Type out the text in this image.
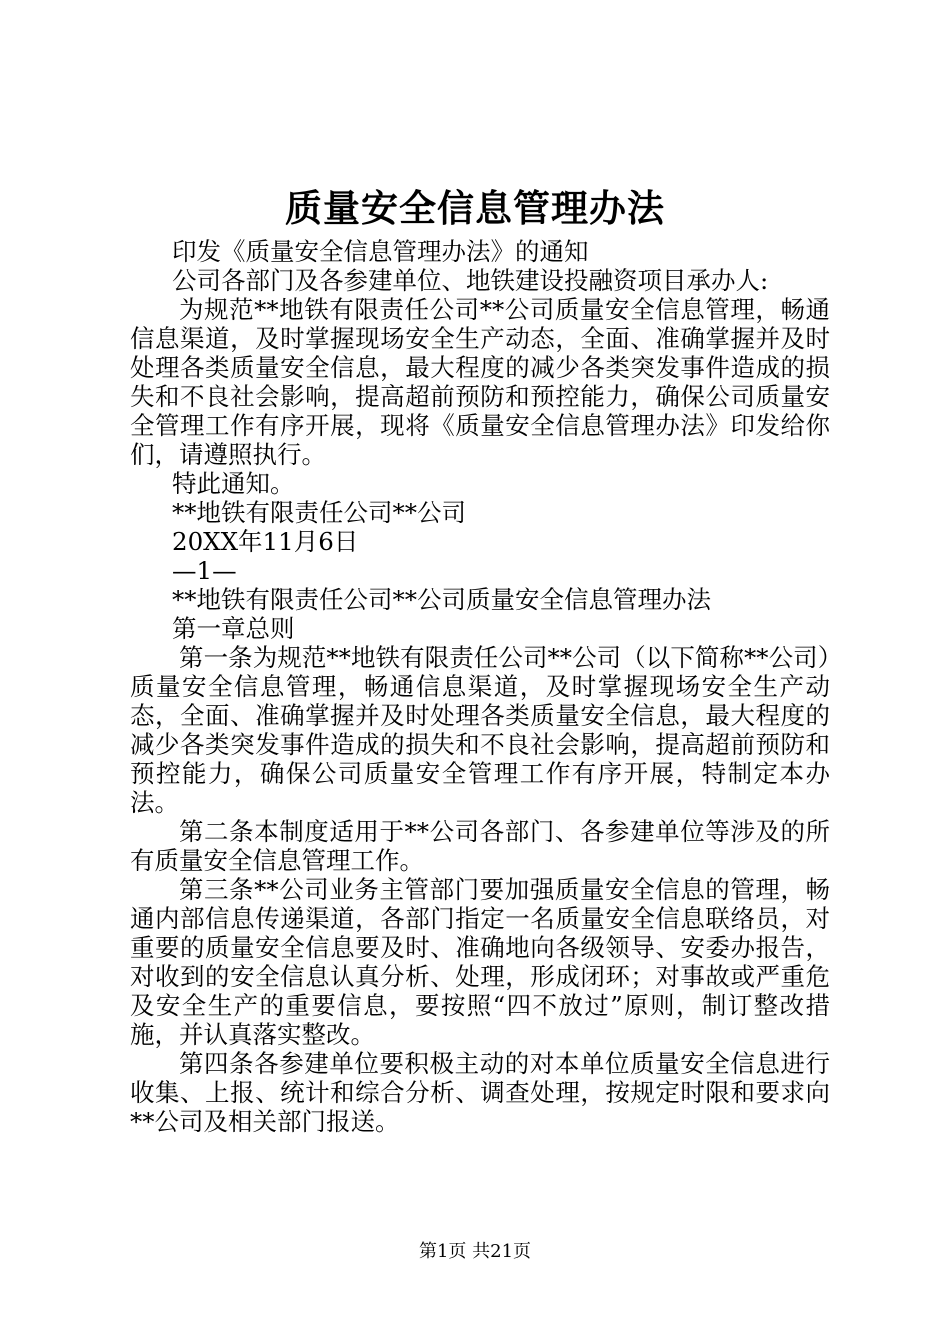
质量安全信息管理办法

印发《质量安全信息管理办法》的通知

公司各部门及各参建单位、地铁建设投融资项目承办人:

为规范**地铁有限责任公司**公司质量安全信息管理，畅通信息渠道，及时掌握现场安全生产动态，全面、准确掌握并及时处理各类质量安全信息，最大程度的减少各类突发事件造成的损失和不良社会影响，提高超前预防和预控能力，确保公司质量安全管理工作有序开展，现将《质量安全信息管理办法》印发给你们，请遵照执行。

特此通知。

**地铁有限责任公司**公司

20XX年11月6日

—1—

**地铁有限责任公司**公司质量安全信息管理办法

第一章总则

第一条为规范**地铁有限责任公司**公司（以下简称**公司）质量安全信息管理，畅通信息渠道，及时掌握现场安全生产动态，全面、准确掌握并及时处理各类质量安全信息，最大程度的减少各类突发事件造成的损失和不良社会影响，提高超前预防和预控能力，确保公司质量安全管理工作有序开展，特制定本办法。

第二条本制度适用于**公司各部门、各参建单位等涉及的所有质量安全信息管理工作。

第三条**公司业务主管部门要加强质量安全信息的管理，畅通内部信息传递渠道，各部门指定一名质量安全信息联络员，对重要的质量安全信息要及时、准确地向各级领导、安委办报告，对收到的安全信息认真分析、处理，形成闭环；对事故或严重危及安全生产的重要信息，要按照“四不放过”原则，制订整改措施，并认真落实整改。

第四条各参建单位要积极主动的对本单位质量安全信息进行收集、上报、统计和综合分析、调查处理，按规定时限和要求向**公司及相关部门报送。

第1页 共21页
